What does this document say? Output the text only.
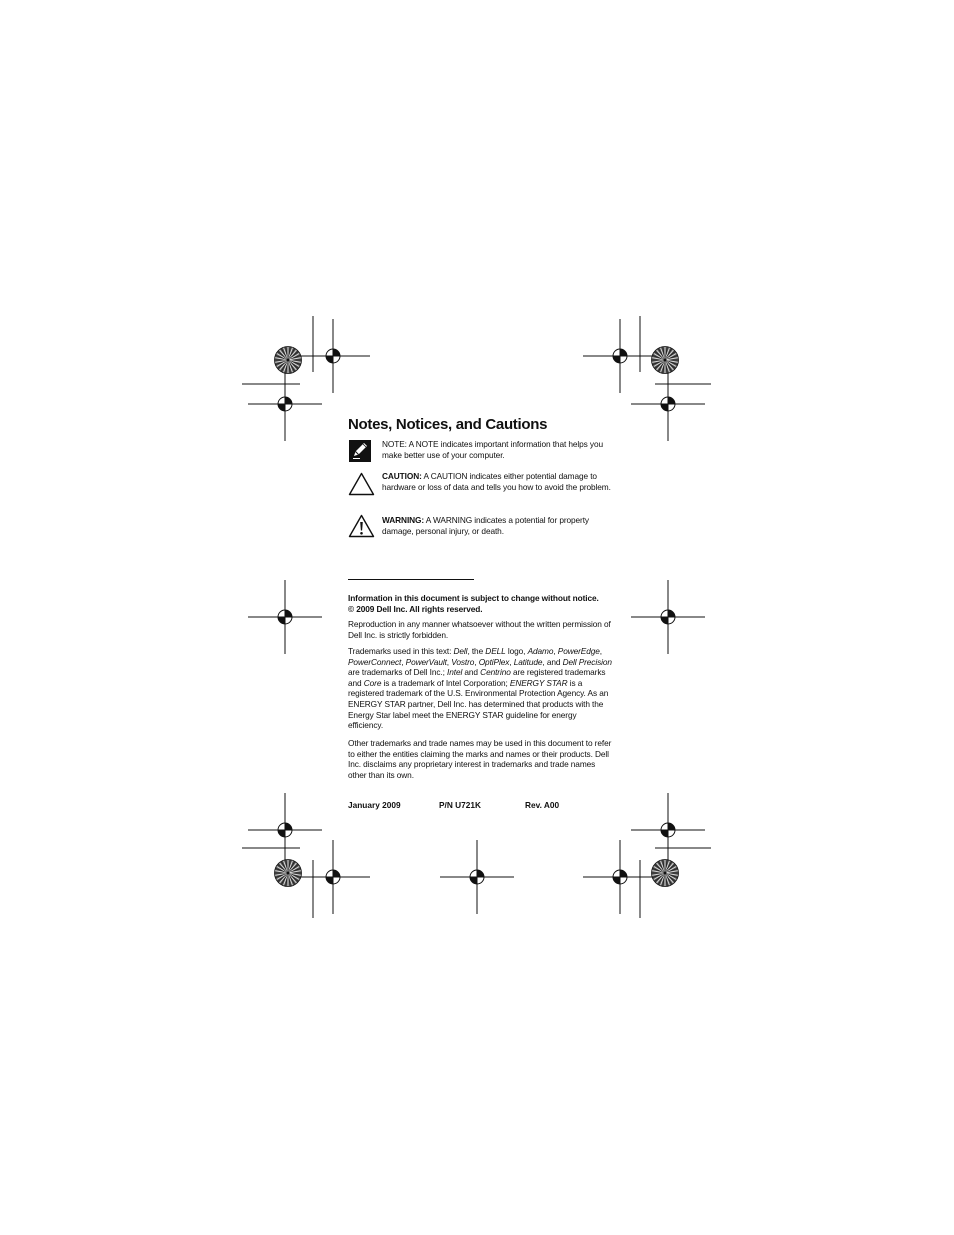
Notes, Notices, and Cautions
NOTE: A NOTE indicates important information that helps you make better use of your computer.
CAUTION: A CAUTION indicates either potential damage to hardware or loss of data and tells you how to avoid the problem.
WARNING: A WARNING indicates a potential for property damage, personal injury, or death.
Information in this document is subject to change without notice.
© 2009 Dell Inc. All rights reserved.
Reproduction in any manner whatsoever without the written permission of Dell Inc. is strictly forbidden.
Trademarks used in this text: Dell, the DELL logo, Adamo, PowerEdge, PowerConnect, PowerVault, Vostro, OptiPlex, Latitude, and Dell Precision are trademarks of Dell Inc.; Intel and Centrino are registered trademarks and Core is a trademark of Intel Corporation; ENERGY STAR is a registered trademark of the U.S. Environmental Protection Agency. As an ENERGY STAR partner, Dell Inc. has determined that products with the Energy Star label meet the ENERGY STAR guideline for energy efficiency.
Other trademarks and trade names may be used in this document to refer to either the entities claiming the marks and names or their products. Dell Inc. disclaims any proprietary interest in trademarks and trade names other than its own.
January 2009	P/N U721K	Rev. A00
